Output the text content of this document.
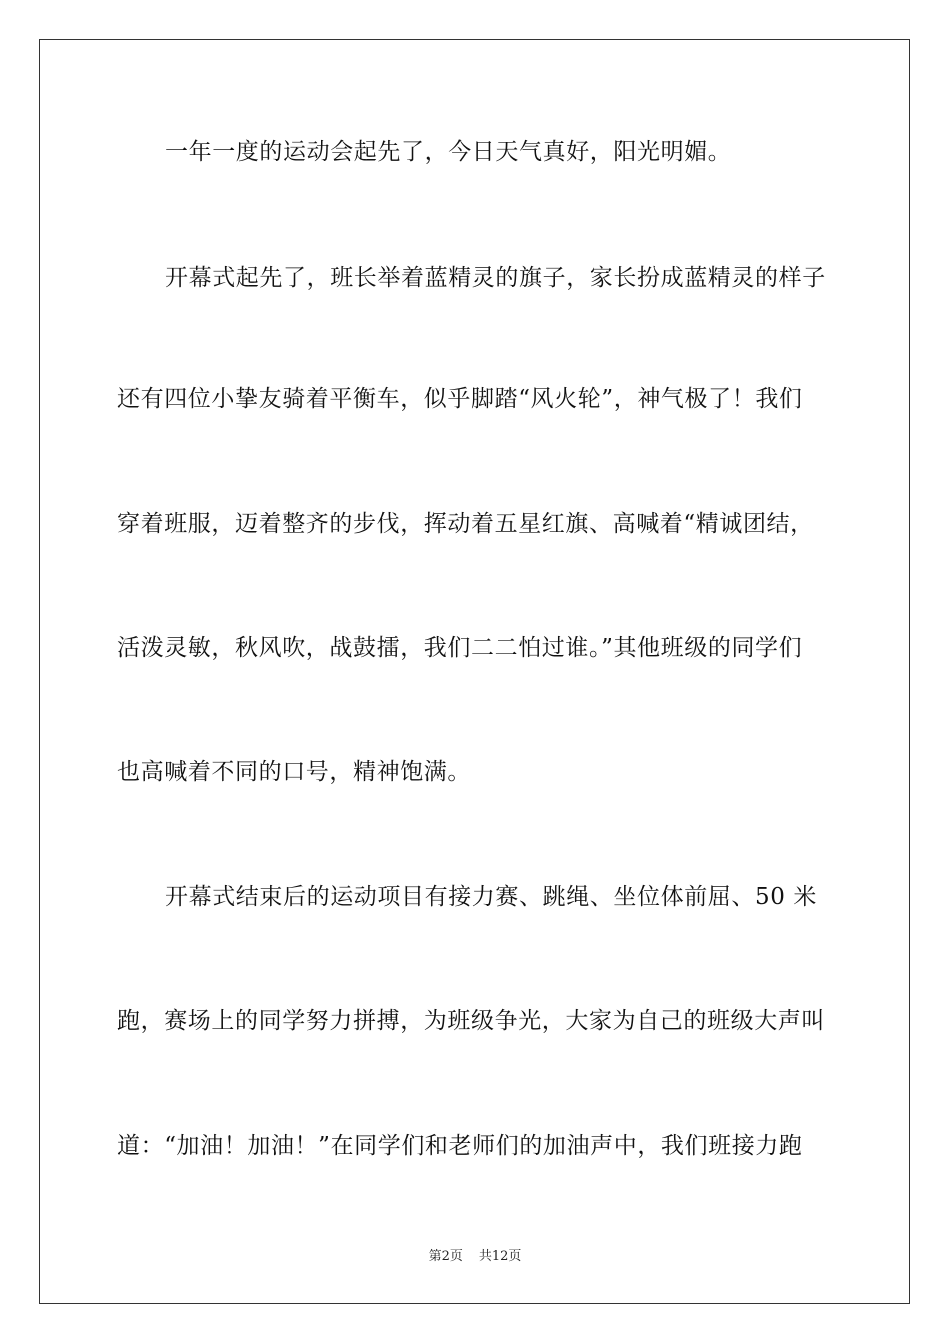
一年一度的运动会起先了，今日天气真好，阳光明媚。
开幕式起先了，班长举着蓝精灵的旗子，家长扮成蓝精灵的样子
还有四位小挚友骑着平衡车，似乎脚踏“风火轮”，神气极了！我们
穿着班服，迈着整齐的步伐，挥动着五星红旗、高喊着“精诚团结，
活泼灵敏，秋风吹，战鼓擂，我们二二怕过谁。”其他班级的同学们
也高喊着不同的口号，精神饱满。
开幕式结束后的运动项目有接力赛、跳绳、坐位体前屈、50 米
跑，赛场上的同学努力拼搏，为班级争光，大家为自己的班级大声叫
道：“加油！加油！”在同学们和老师们的加油声中，我们班接力跑
第2页 共12页
